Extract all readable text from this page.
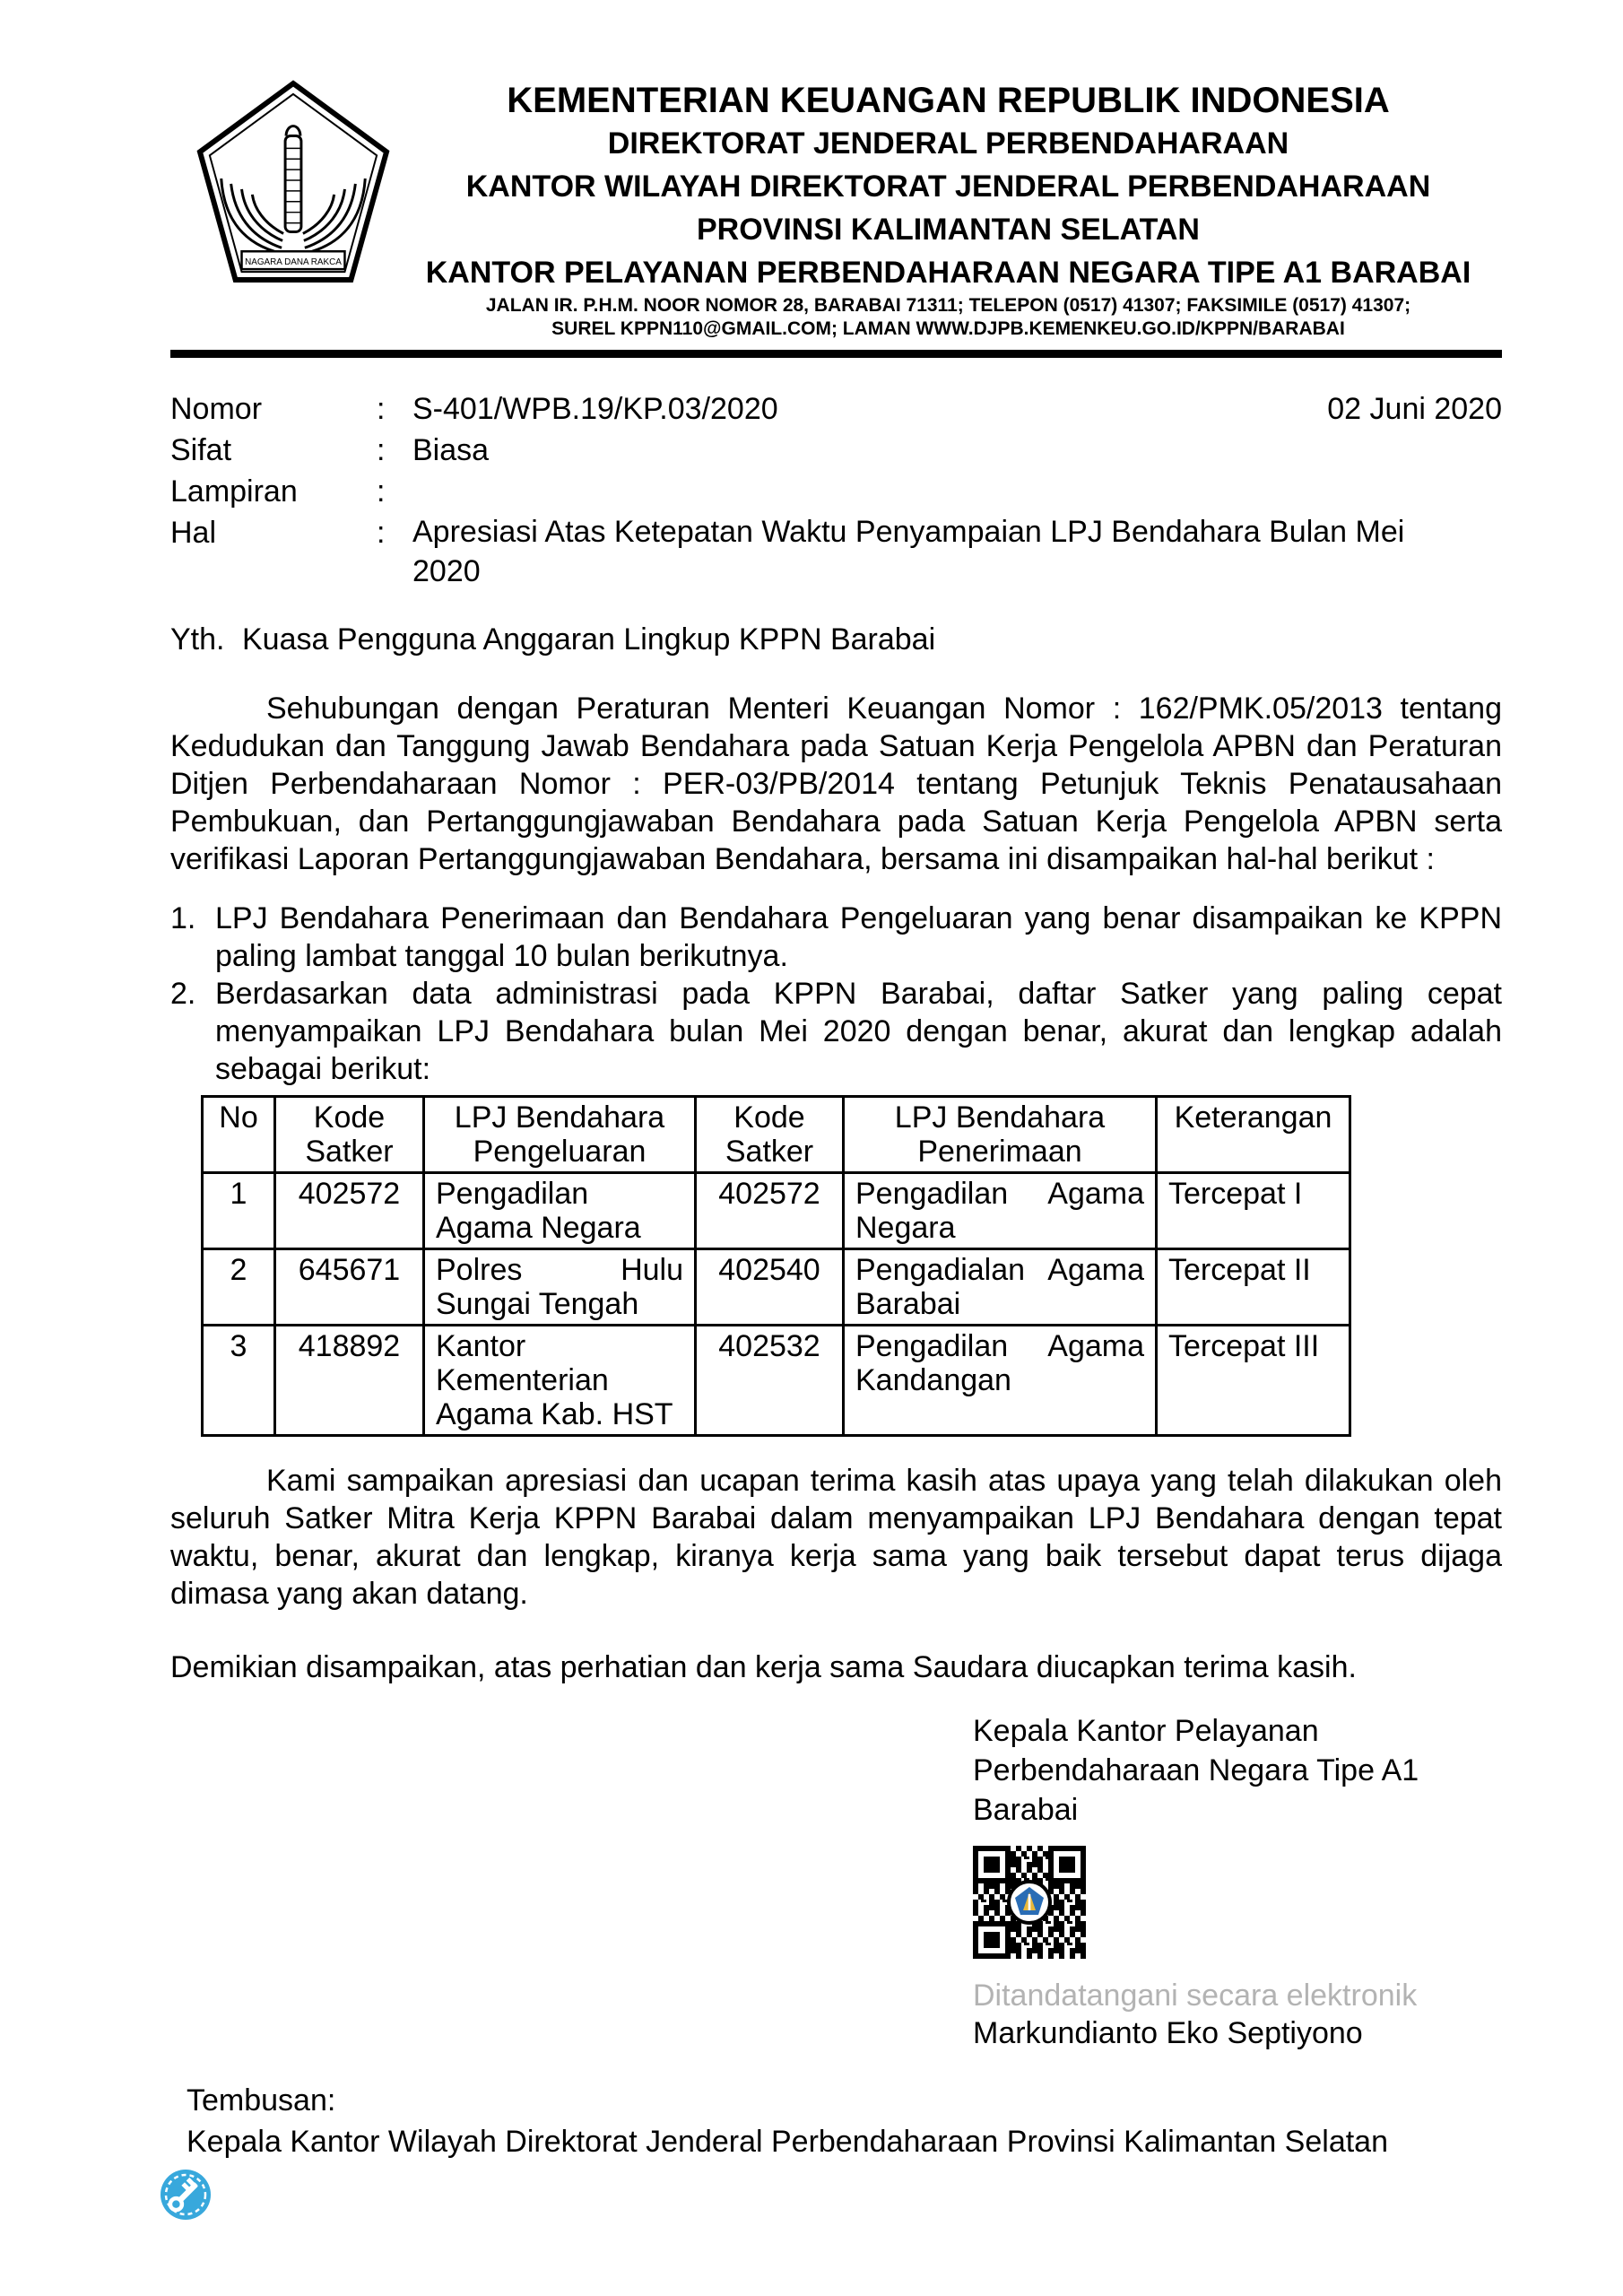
NAGARA DANA RAKCA
KEMENTERIAN KEUANGAN REPUBLIK INDONESIA
DIREKTORAT JENDERAL PERBENDAHARAAN
KANTOR WILAYAH DIREKTORAT JENDERAL PERBENDAHARAAN
PROVINSI KALIMANTAN SELATAN
KANTOR PELAYANAN PERBENDAHARAAN NEGARA TIPE A1 BARABAI
JALAN IR. P.H.M. NOOR NOMOR 28, BARABAI 71311; TELEPON (0517) 41307; FAKSIMILE (0517) 41307;
SUREL KPPN110@GMAIL.COM; LAMAN WWW.DJPB.KEMENKEU.GO.ID/KPPN/BARABAI
Nomor	: S-401/WPB.19/KP.03/2020	02 Juni 2020
Sifat	: Biasa
Lampiran	:
Hal	: Apresiasi Atas Ketepatan Waktu Penyampaian LPJ Bendahara Bulan Mei 2020
Yth. Kuasa Pengguna Anggaran Lingkup KPPN Barabai
Sehubungan dengan Peraturan Menteri Keuangan Nomor : 162/PMK.05/2013 tentang Kedudukan dan Tanggung Jawab Bendahara pada Satuan Kerja Pengelola APBN dan Peraturan Ditjen Perbendaharaan Nomor : PER-03/PB/2014 tentang Petunjuk Teknis Penatausahaan Pembukuan, dan Pertanggungjawaban Bendahara pada Satuan Kerja Pengelola APBN serta verifikasi Laporan Pertanggungjawaban Bendahara, bersama ini disampaikan hal-hal berikut :
1. LPJ Bendahara Penerimaan dan Bendahara Pengeluaran yang benar disampaikan ke KPPN paling lambat tanggal 10 bulan berikutnya.
2. Berdasarkan data administrasi pada KPPN Barabai, daftar Satker yang paling cepat menyampaikan LPJ Bendahara bulan Mei 2020 dengan benar, akurat dan lengkap adalah sebagai berikut:
No	Kode Satker	LPJ Bendahara Pengeluaran	Kode Satker	LPJ Bendahara Penerimaan	Keterangan
1	402572	Pengadilan Agama Negara	402572	Pengadilan Agama Negara	Tercepat I
2	645671	Polres Hulu Sungai Tengah	402540	Pengadialan Agama Barabai	Tercepat II
3	418892	Kantor Kementerian Agama Kab. HST	402532	Pengadilan Agama Kandangan	Tercepat III
Kami sampaikan apresiasi dan ucapan terima kasih atas upaya yang telah dilakukan oleh seluruh Satker Mitra Kerja KPPN Barabai dalam menyampaikan LPJ Bendahara dengan tepat waktu, benar, akurat dan lengkap, kiranya kerja sama yang baik tersebut dapat terus dijaga dimasa yang akan datang.
Demikian disampaikan, atas perhatian dan kerja sama Saudara diucapkan terima kasih.
Kepala Kantor Pelayanan Perbendaharaan Negara Tipe A1 Barabai
Ditandatangani secara elektronik
Markundianto Eko Septiyono
Tembusan:
Kepala Kantor Wilayah Direktorat Jenderal Perbendaharaan Provinsi Kalimantan Selatan
